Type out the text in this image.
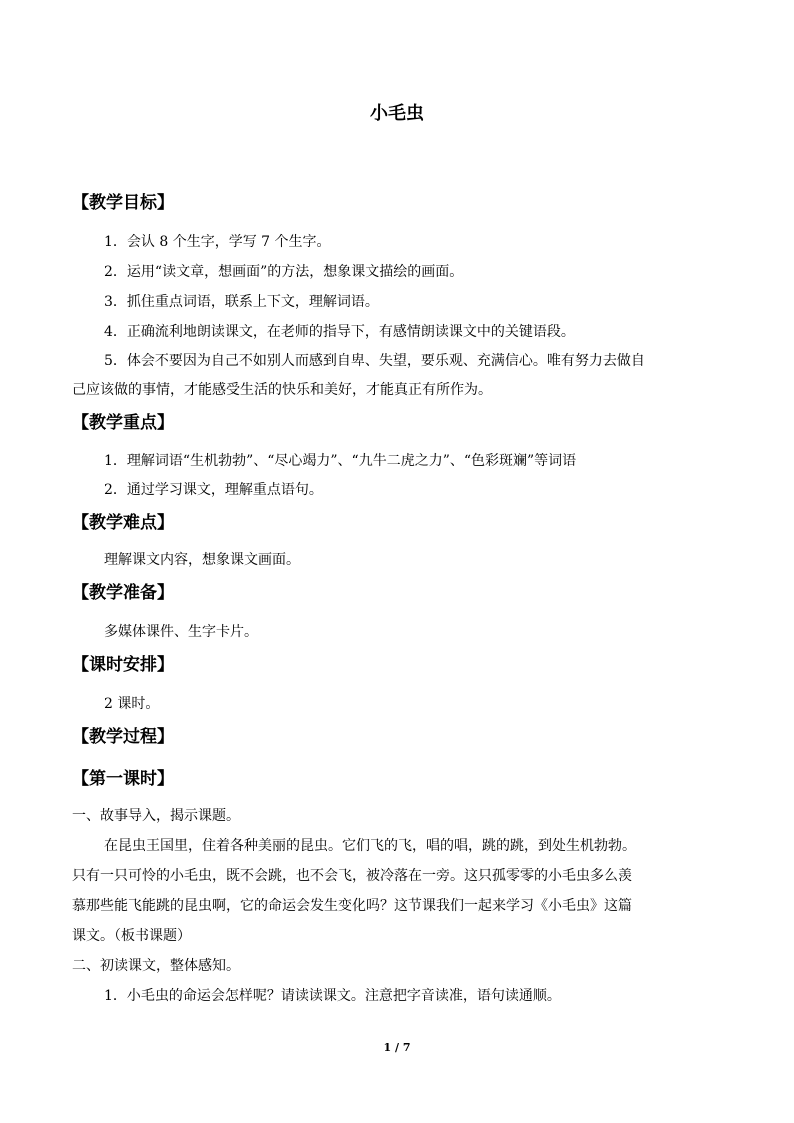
小毛虫
【教学目标】
1．会认 8 个生字，学写 7 个生字。
2．运用“读文章，想画面”的方法，想象课文描绘的画面。
3．抓住重点词语，联系上下文，理解词语。
4．正确流利地朗读课文，在老师的指导下，有感情朗读课文中的关键语段。
5．体会不要因为自己不如别人而感到自卑、失望，要乐观、充满信心。唯有努力去做自
己应该做的事情，才能感受生活的快乐和美好，才能真正有所作为。
【教学重点】
1．理解词语“生机勃勃”、“尽心竭力”、“九牛二虎之力”、“色彩斑斓”等词语
2．通过学习课文，理解重点语句。
【教学难点】
理解课文内容，想象课文画面。
【教学准备】
多媒体课件、生字卡片。
【课时安排】
2 课时。
【教学过程】
【第一课时】
一、故事导入，揭示课题。
在昆虫王国里，住着各种美丽的昆虫。它们飞的飞，唱的唱，跳的跳，到处生机勃勃。
只有一只可怜的小毛虫，既不会跳，也不会飞，被冷落在一旁。这只孤零零的小毛虫多么羡
慕那些能飞能跳的昆虫啊，它的命运会发生变化吗？这节课我们一起来学习《小毛虫》这篇
课文。（板书课题）
二、初读课文，整体感知。
1．小毛虫的命运会怎样呢？请读读课文。注意把字音读准，语句读通顺。
1 / 7
